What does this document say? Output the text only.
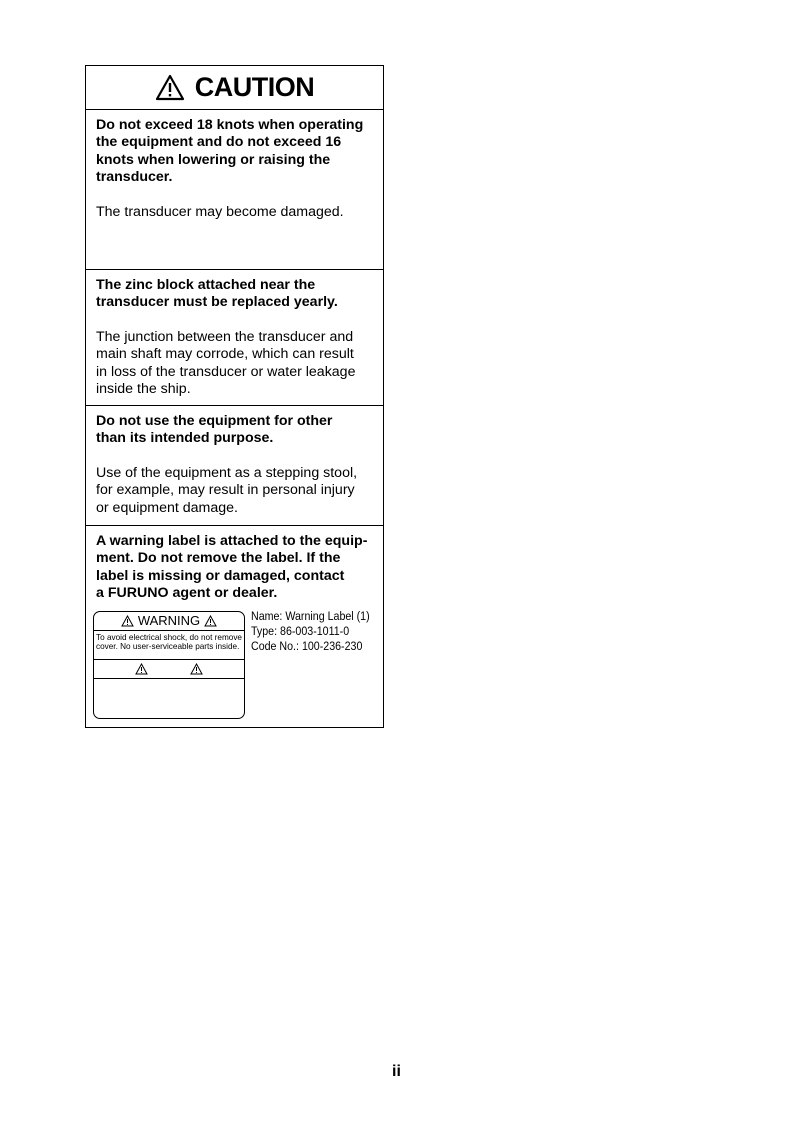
CAUTION
Do not exceed 18 knots when operating
the equipment and do not exceed 16
knots when lowering or raising the
transducer.
The transducer may become damaged.
The zinc block attached near the
transducer must be replaced yearly.
The junction between the transducer and
main shaft may corrode, which can result
in loss of the transducer or water leakage
inside the ship.
Do not use the equipment for other
than its intended purpose.
Use of the equipment as a stepping stool,
for example, may result in personal injury
or equipment damage.
A warning label is attached to the equip-
ment. Do not remove the label. If the
label is missing or damaged, contact
a FURUNO agent or dealer.
WARNING
To avoid electrical shock, do not remove cover. No user-serviceable parts inside.
Name: Warning Label (1)
Type: 86-003-1011-0
Code No.: 100-236-230
ii
